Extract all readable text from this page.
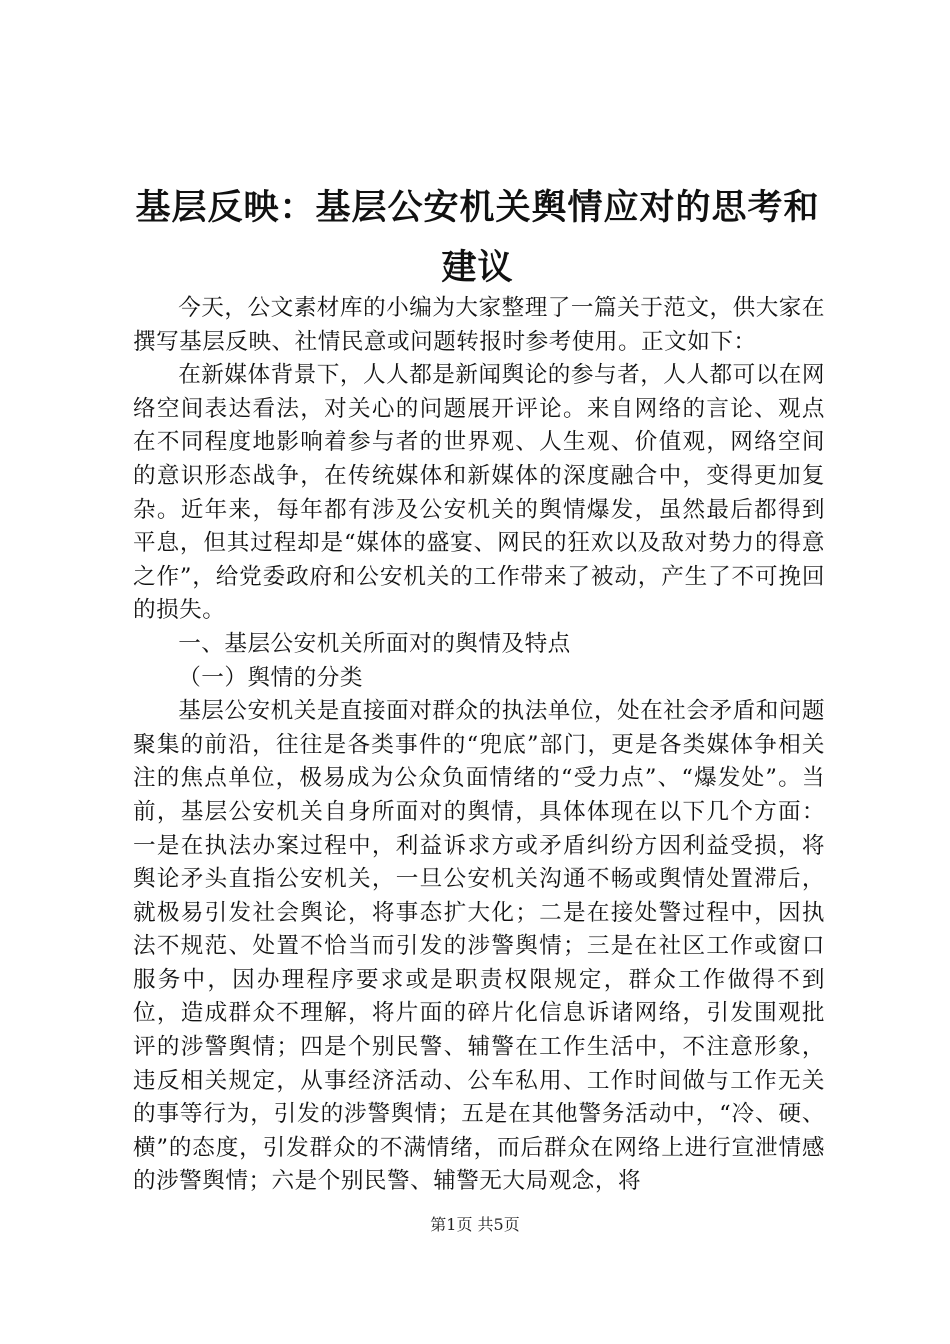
基层反映：基层公安机关舆情应对的思考和建议

今天，公文素材库的小编为大家整理了一篇关于范文，供大家在撰写基层反映、社情民意或问题转报时参考使用。正文如下：

在新媒体背景下，人人都是新闻舆论的参与者，人人都可以在网络空间表达看法，对关心的问题展开评论。来自网络的言论、观点在不同程度地影响着参与者的世界观、人生观、价值观，网络空间的意识形态战争，在传统媒体和新媒体的深度融合中，变得更加复杂。近年来，每年都有涉及公安机关的舆情爆发，虽然最后都得到平息，但其过程却是“媒体的盛宴、网民的狂欢以及敌对势力的得意之作”，给党委政府和公安机关的工作带来了被动，产生了不可挽回的损失。

一、基层公安机关所面对的舆情及特点

（一）舆情的分类

基层公安机关是直接面对群众的执法单位，处在社会矛盾和问题聚集的前沿，往往是各类事件的“兜底”部门，更是各类媒体争相关注的焦点单位，极易成为公众负面情绪的“受力点”、“爆发处”。当前，基层公安机关自身所面对的舆情，具体体现在以下几个方面：一是在执法办案过程中，利益诉求方或矛盾纠纷方因利益受损，将舆论矛头直指公安机关，一旦公安机关沟通不畅或舆情处置滞后，就极易引发社会舆论，将事态扩大化；二是在接处警过程中，因执法不规范、处置不恰当而引发的涉警舆情；三是在社区工作或窗口服务中，因办理程序要求或是职责权限规定，群众工作做得不到位，造成群众不理解，将片面的碎片化信息诉诸网络，引发围观批评的涉警舆情；四是个别民警、辅警在工作生活中，不注意形象，违反相关规定，从事经济活动、公车私用、工作时间做与工作无关的事等行为，引发的涉警舆情；五是在其他警务活动中，“冷、硬、横”的态度，引发群众的不满情绪，而后群众在网络上进行宣泄情感的涉警舆情；六是个别民警、辅警无大局观念，将

第1页 共5页
